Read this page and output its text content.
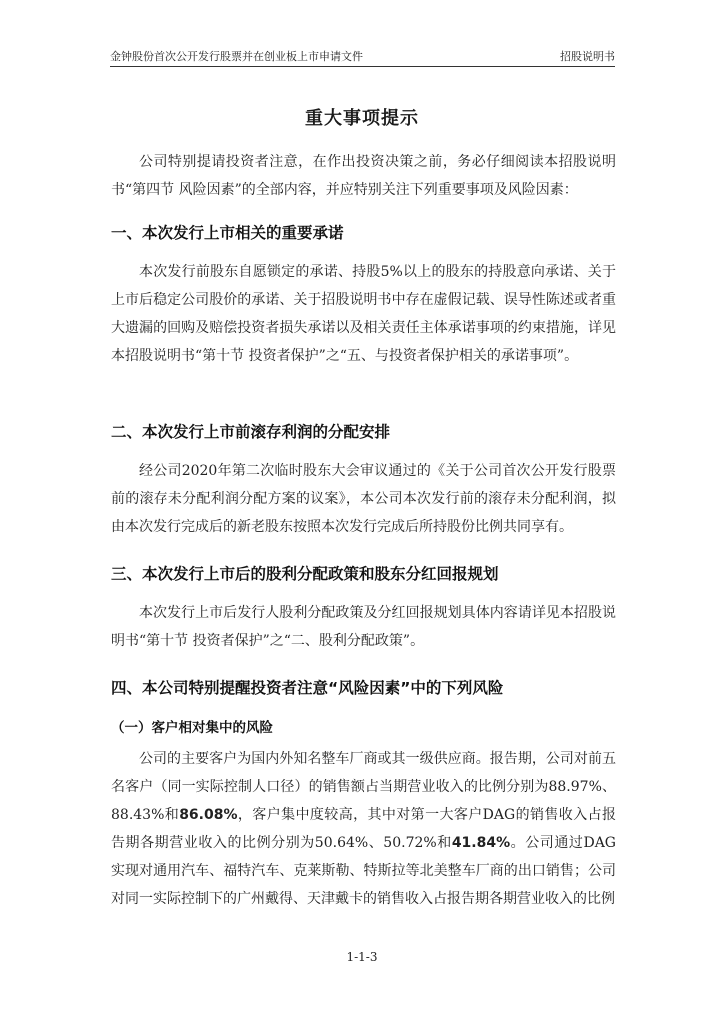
金钟股份首次公开发行股票并在创业板上市申请文件	招股说明书
重大事项提示

公司特别提请投资者注意，在作出投资决策之前，务必仔细阅读本招股说明书“第四节 风险因素”的全部内容，并应特别关注下列重要事项及风险因素：

一、本次发行上市相关的重要承诺

本次发行前股东自愿锁定的承诺、持股5%以上的股东的持股意向承诺、关于上市后稳定公司股价的承诺、关于招股说明书中存在虚假记载、误导性陈述或者重大遗漏的回购及赔偿投资者损失承诺以及相关责任主体承诺事项的约束措施，详见本招股说明书“第十节 投资者保护”之“五、与投资者保护相关的承诺事项”。

二、本次发行上市前滚存利润的分配安排

经公司2020年第二次临时股东大会审议通过的《关于公司首次公开发行股票前的滚存未分配利润分配方案的议案》，本公司本次发行前的滚存未分配利润，拟由本次发行完成后的新老股东按照本次发行完成后所持股份比例共同享有。

三、本次发行上市后的股利分配政策和股东分红回报规划

本次发行上市后发行人股利分配政策及分红回报规划具体内容请详见本招股说明书“第十节 投资者保护”之“二、股利分配政策”。

四、本公司特别提醒投资者注意“风险因素”中的下列风险
（一）客户相对集中的风险

公司的主要客户为国内外知名整车厂商或其一级供应商。报告期，公司对前五名客户（同一实际控制人口径）的销售额占当期营业收入的比例分别为88.97%、88.43%和86.08%，客户集中度较高，其中对第一大客户DAG的销售收入占报告期各期营业收入的比例分别为50.64%、50.72%和41.84%。公司通过DAG实现对通用汽车、福特汽车、克莱斯勒、特斯拉等北美整车厂商的出口销售；公司对同一实际控制下的广州戴得、天津戴卡的销售收入占报告期各期营业收入的比例

1-1-3
